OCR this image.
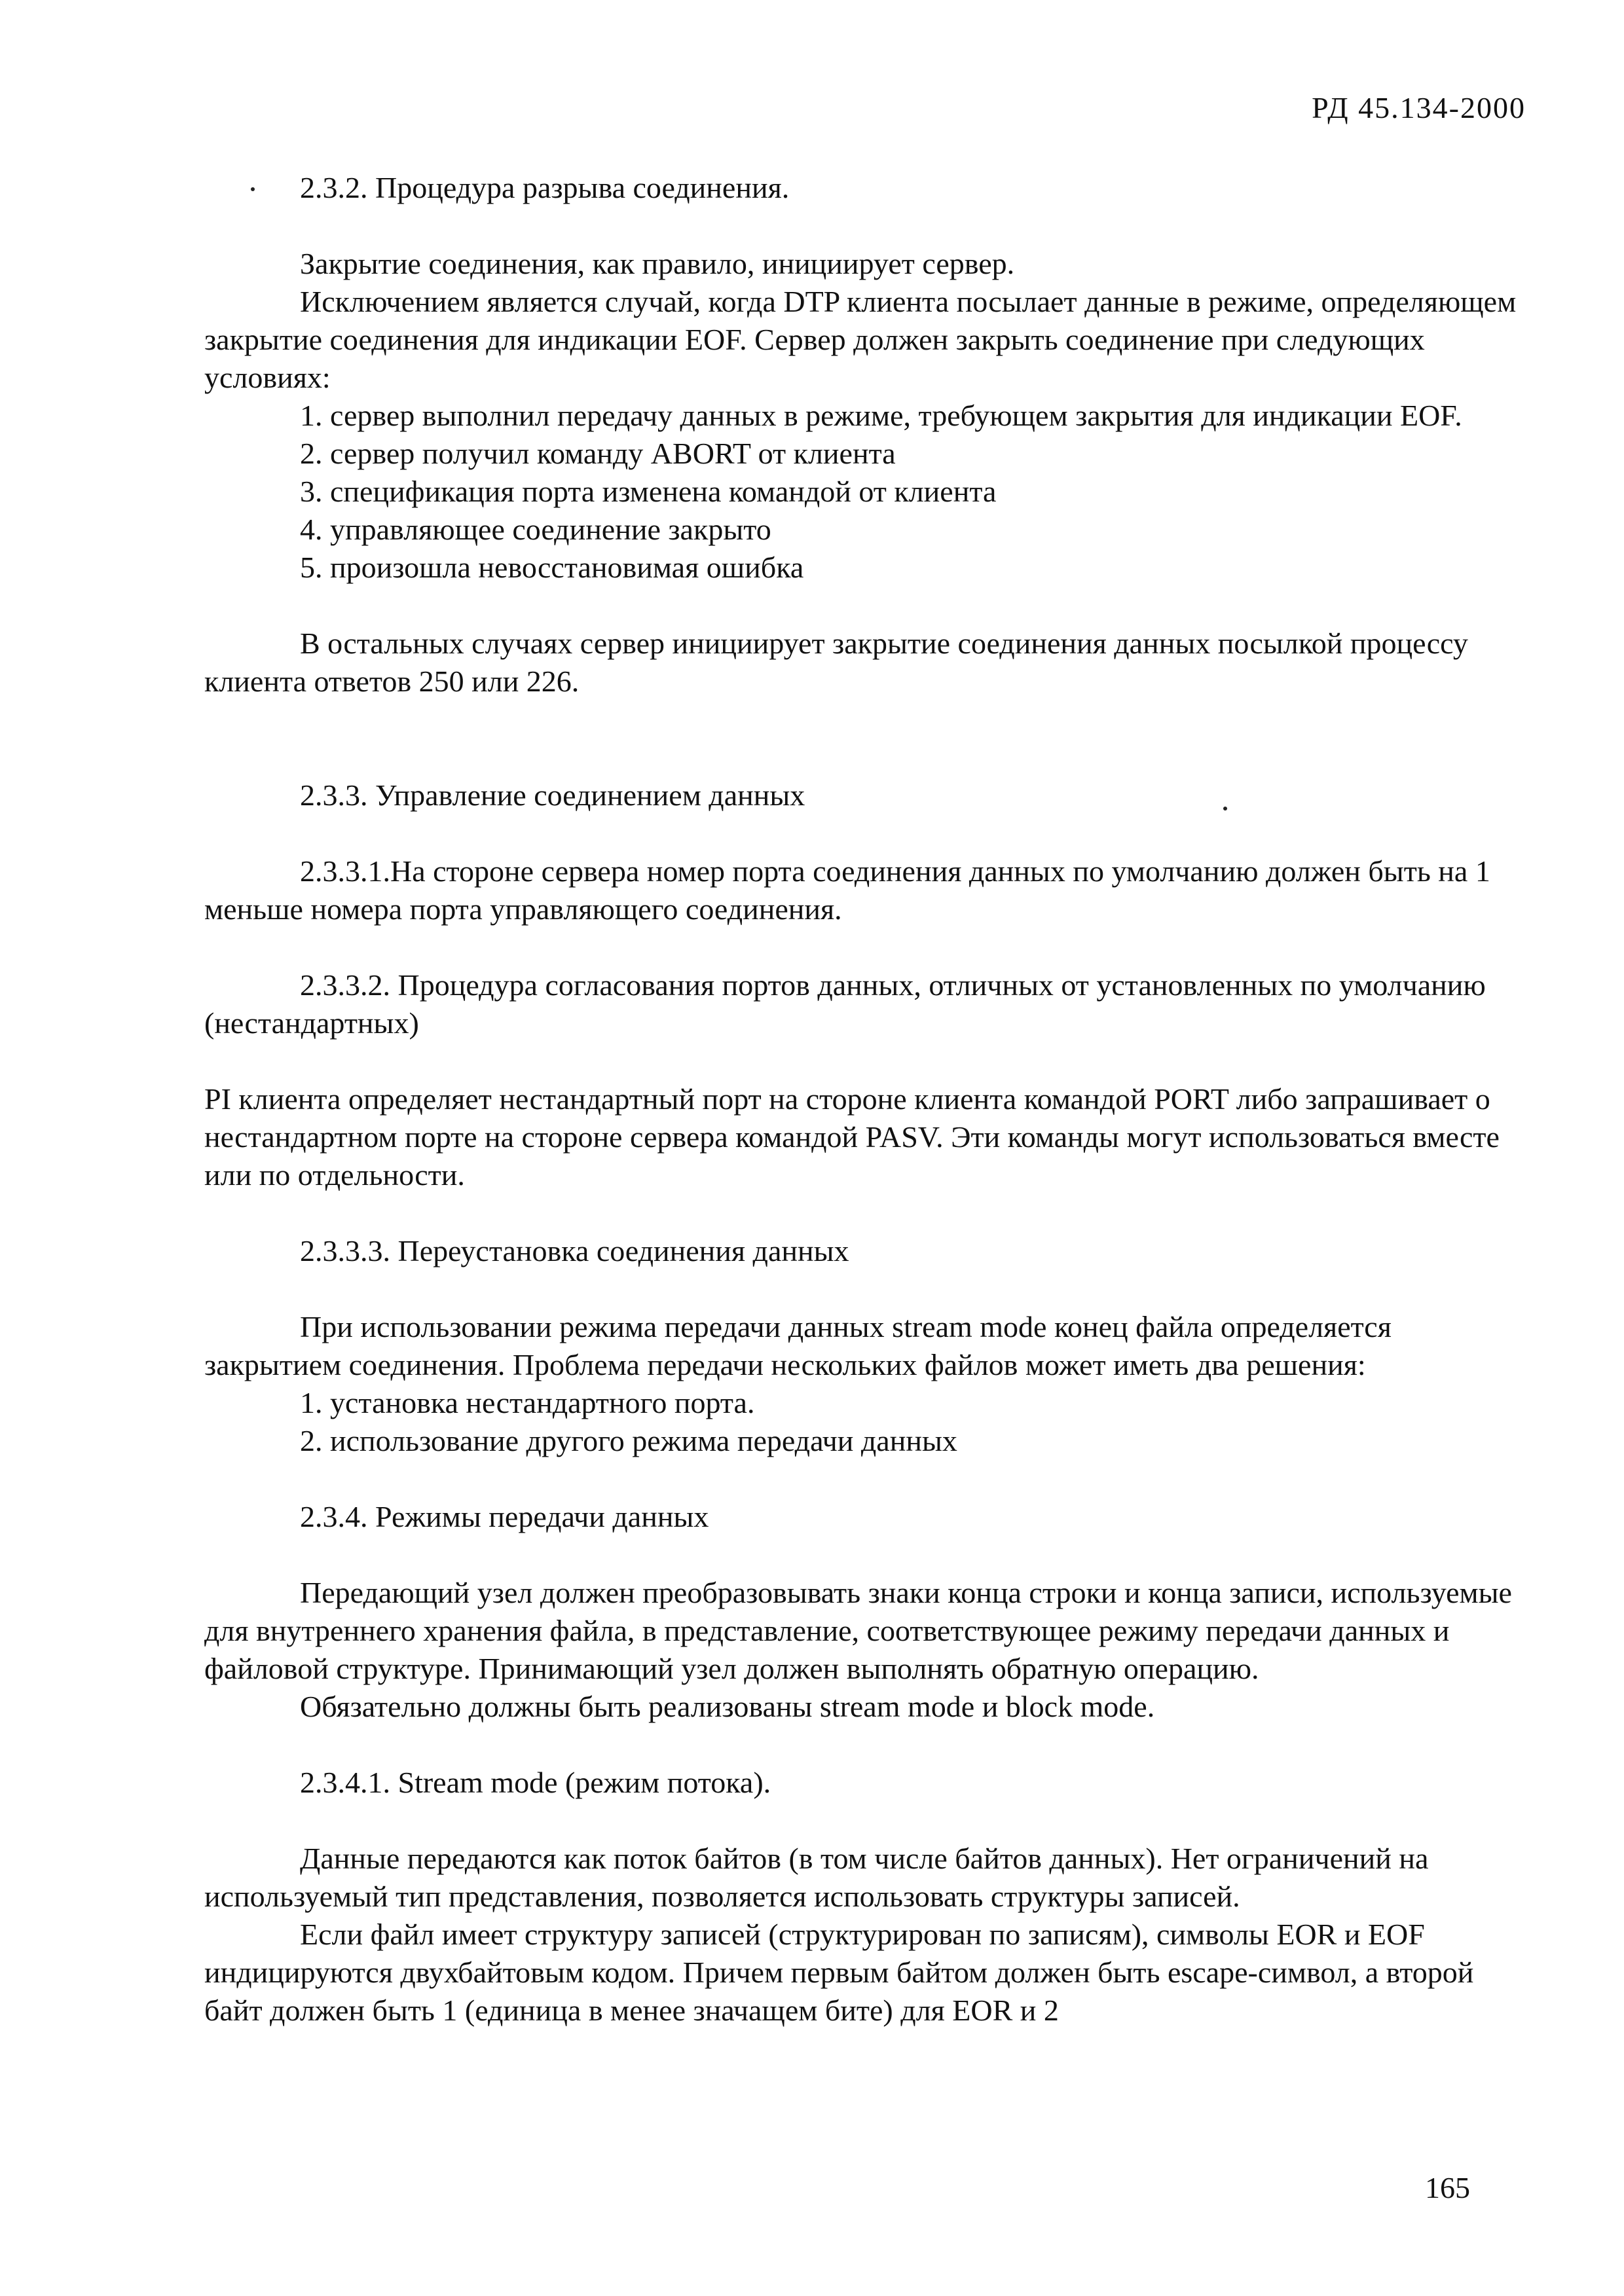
РД 45.134-2000

2.3.2. Процедура разрыва соединения.

Закрытие соединения, как правило, инициирует сервер.

Исключением является случай, когда DTP клиента посылает данные в режиме, определяющем закрытие соединения для индикации EOF. Сервер должен закрыть соединение при следующих условиях:

1. сервер выполнил передачу данных в режиме, требующем закрытия для индикации EOF.

2. сервер получил команду ABORT от клиента

3. спецификация порта изменена командой от клиента

4. управляющее соединение закрыто

5. произошла невосстановимая ошибка

В остальных случаях сервер инициирует закрытие соединения данных посылкой процессу клиента ответов 250 или 226.

2.3.3. Управление соединением данных

2.3.3.1.На стороне сервера номер порта соединения данных по умолчанию должен быть на 1 меньше номера порта управляющего соединения.

2.3.3.2. Процедура согласования портов данных, отличных от установленных по умолчанию (нестандартных)

PI клиента определяет нестандартный порт на стороне клиента командой PORT либо запрашивает о нестандартном порте на стороне сервера командой PASV. Эти команды могут использоваться вместе или по отдельности.

2.3.3.3. Переустановка соединения данных

При использовании режима передачи данных stream mode конец файла определяется закрытием соединения. Проблема передачи нескольких файлов может иметь два решения:

1. установка нестандартного порта.

2. использование другого режима передачи данных

2.3.4. Режимы передачи данных

Передающий узел должен преобразовывать знаки конца строки и конца записи, используемые для внутреннего хранения файла, в представление, соответствующее режиму передачи данных и файловой структуре. Принимающий узел должен выполнять обратную операцию.

Обязательно должны быть реализованы stream mode и block mode.

2.3.4.1. Stream mode (режим потока).

Данные передаются как поток байтов (в том числе байтов данных). Нет ограничений на используемый тип представления, позволяется использовать структуры записей.

Если файл имеет структуру записей (структурирован по записям), символы EOR и EOF индицируются двухбайтовым кодом. Причем первым байтом должен быть escape-символ, а второй байт должен быть 1 (единица в менее значащем бите) для EOR и 2

165
